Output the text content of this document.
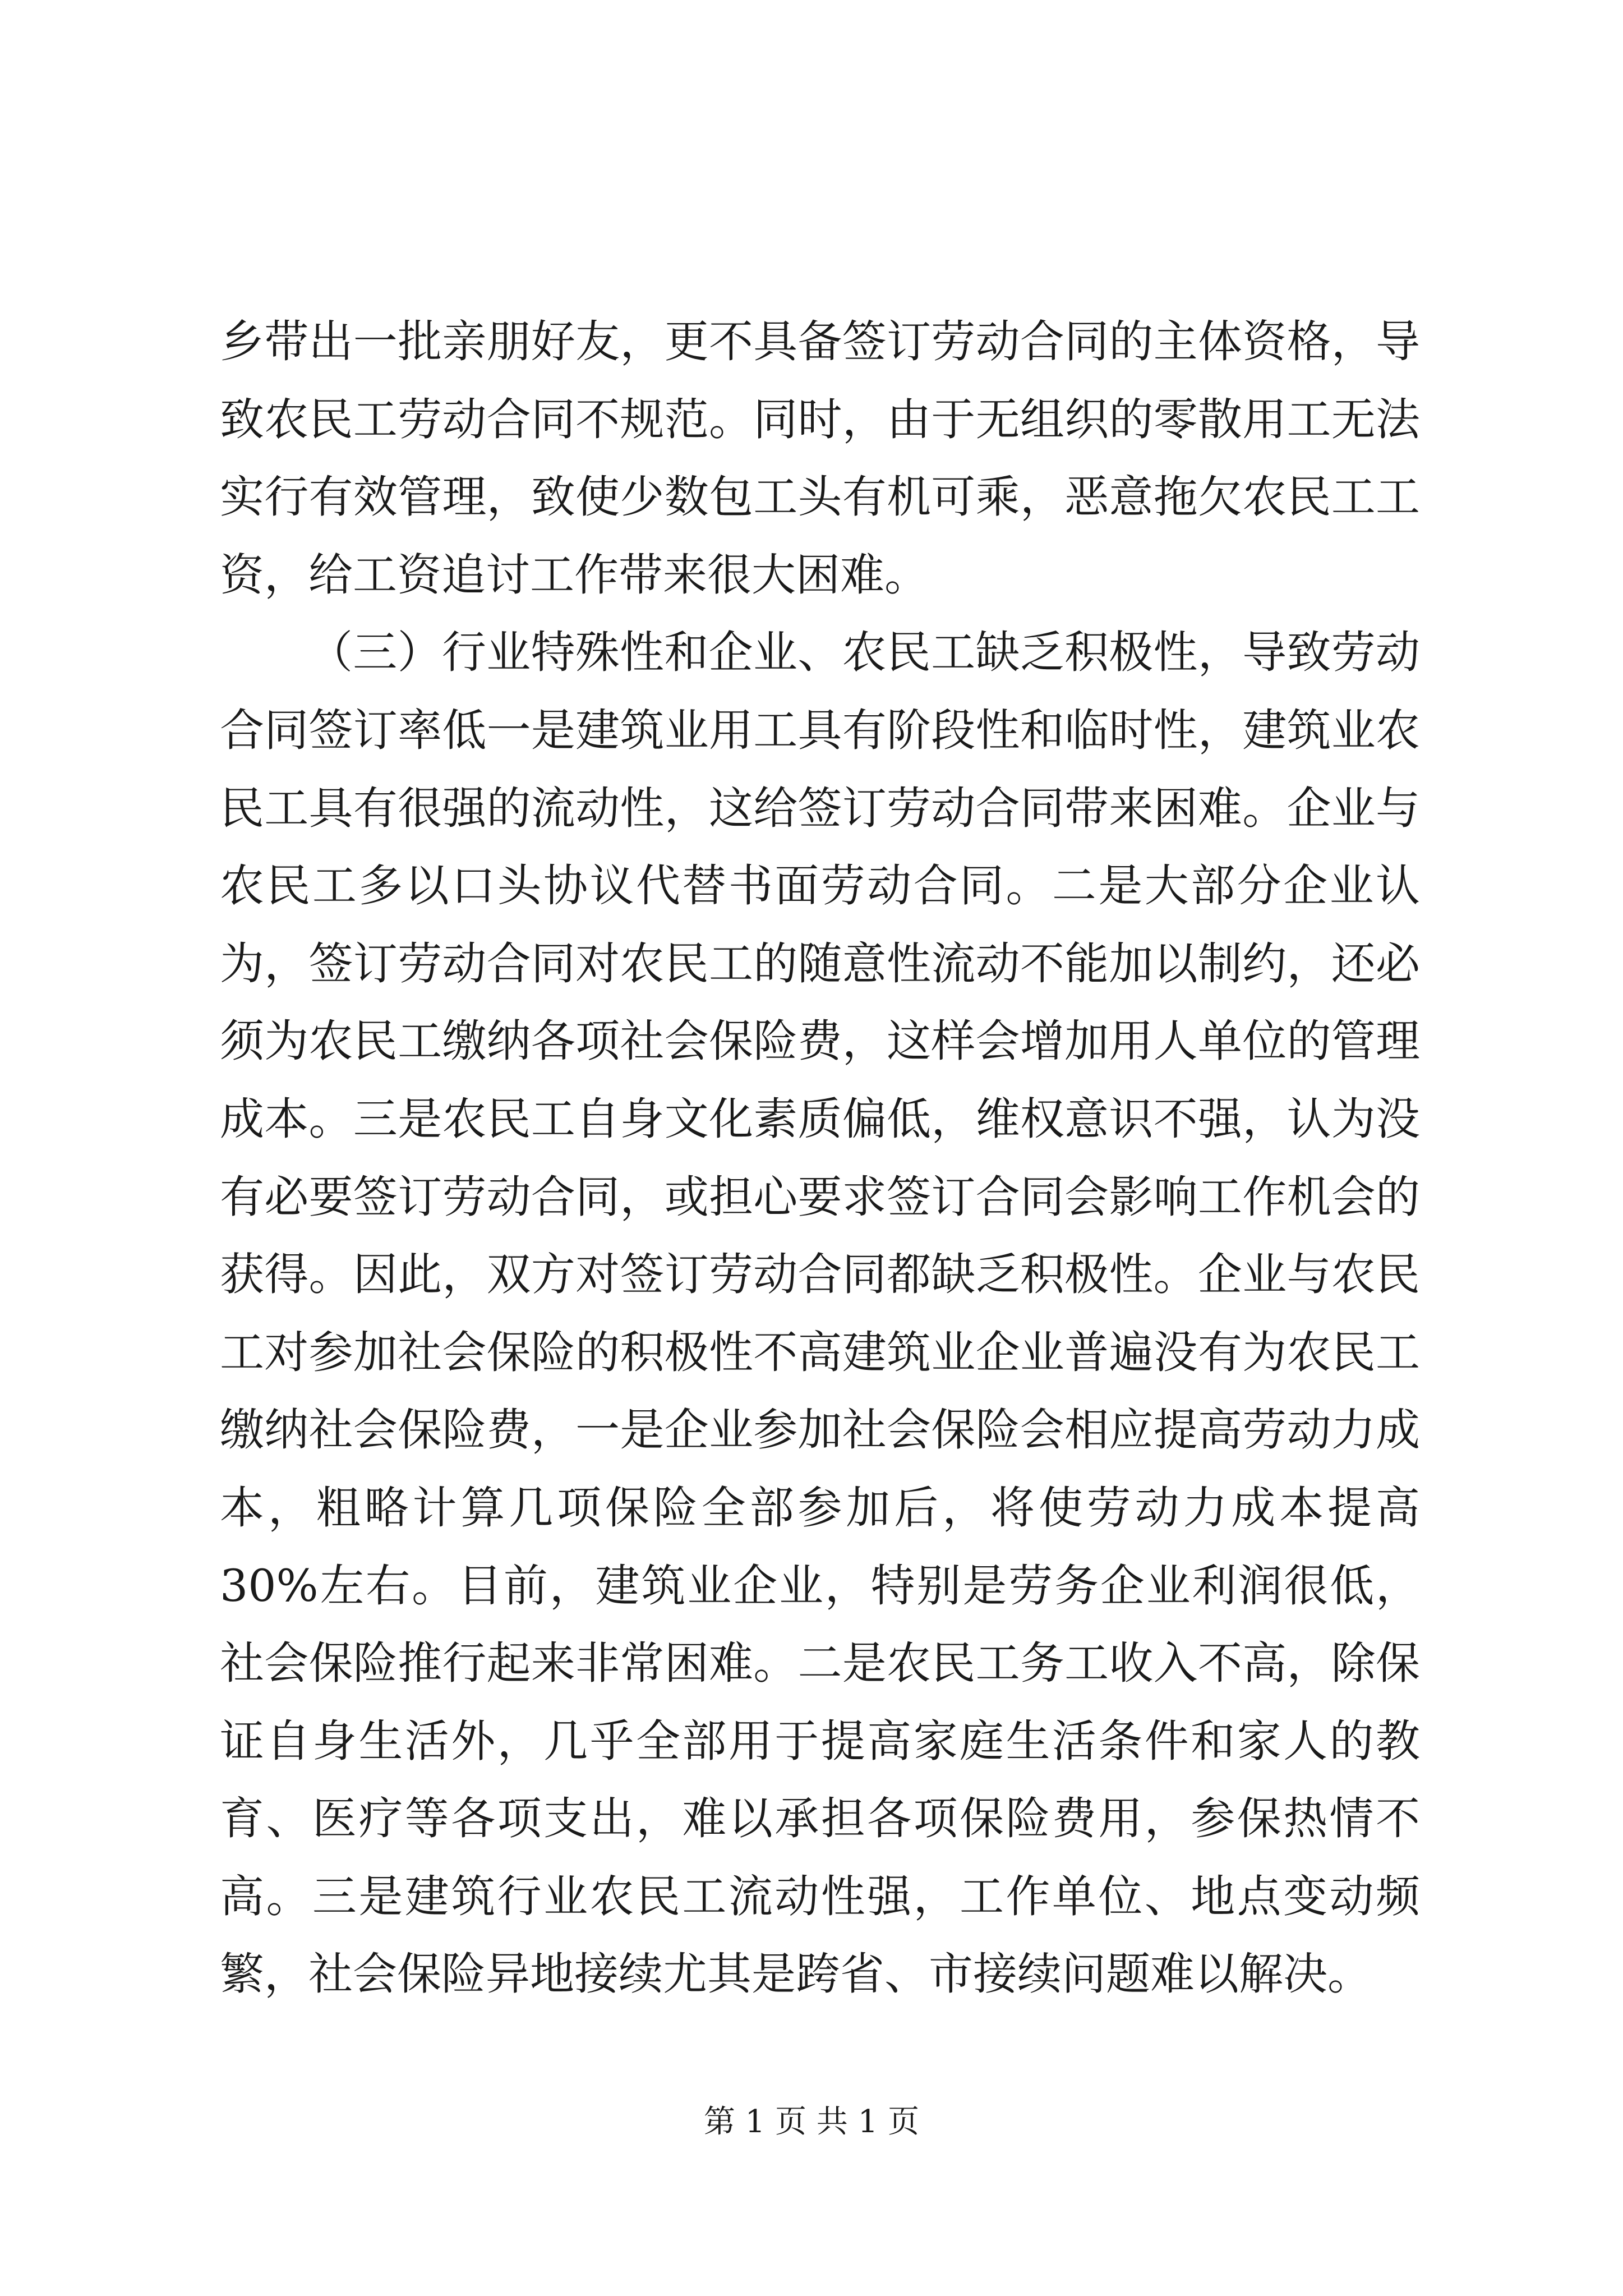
乡带出一批亲朋好友，更不具备签订劳动合同的主体资格，导致农民工劳动合同不规范。同时，由于无组织的零散用工无法实行有效管理，致使少数包工头有机可乘，恶意拖欠农民工工资，给工资追讨工作带来很大困难。

（三）行业特殊性和企业、农民工缺乏积极性，导致劳动合同签订率低一是建筑业用工具有阶段性和临时性，建筑业农民工具有很强的流动性，这给签订劳动合同带来困难。企业与农民工多以口头协议代替书面劳动合同。二是大部分企业认为，签订劳动合同对农民工的随意性流动不能加以制约，还必须为农民工缴纳各项社会保险费，这样会增加用人单位的管理成本。三是农民工自身文化素质偏低，维权意识不强，认为没有必要签订劳动合同，或担心要求签订合同会影响工作机会的获得。因此，双方对签订劳动合同都缺乏积极性。企业与农民工对参加社会保险的积极性不高建筑业企业普遍没有为农民工缴纳社会保险费，一是企业参加社会保险会相应提高劳动力成本，粗略计算几项保险全部参加后，将使劳动力成本提高30%左右。目前，建筑业企业，特别是劳务企业利润很低，社会保险推行起来非常困难。二是农民工务工收入不高，除保证自身生活外，几乎全部用于提高家庭生活条件和家人的教育、医疗等各项支出，难以承担各项保险费用，参保热情不高。三是建筑行业农民工流动性强，工作单位、地点变动频繁，社会保险异地接续尤其是跨省、市接续问题难以解决。

第 1 页 共 1 页
